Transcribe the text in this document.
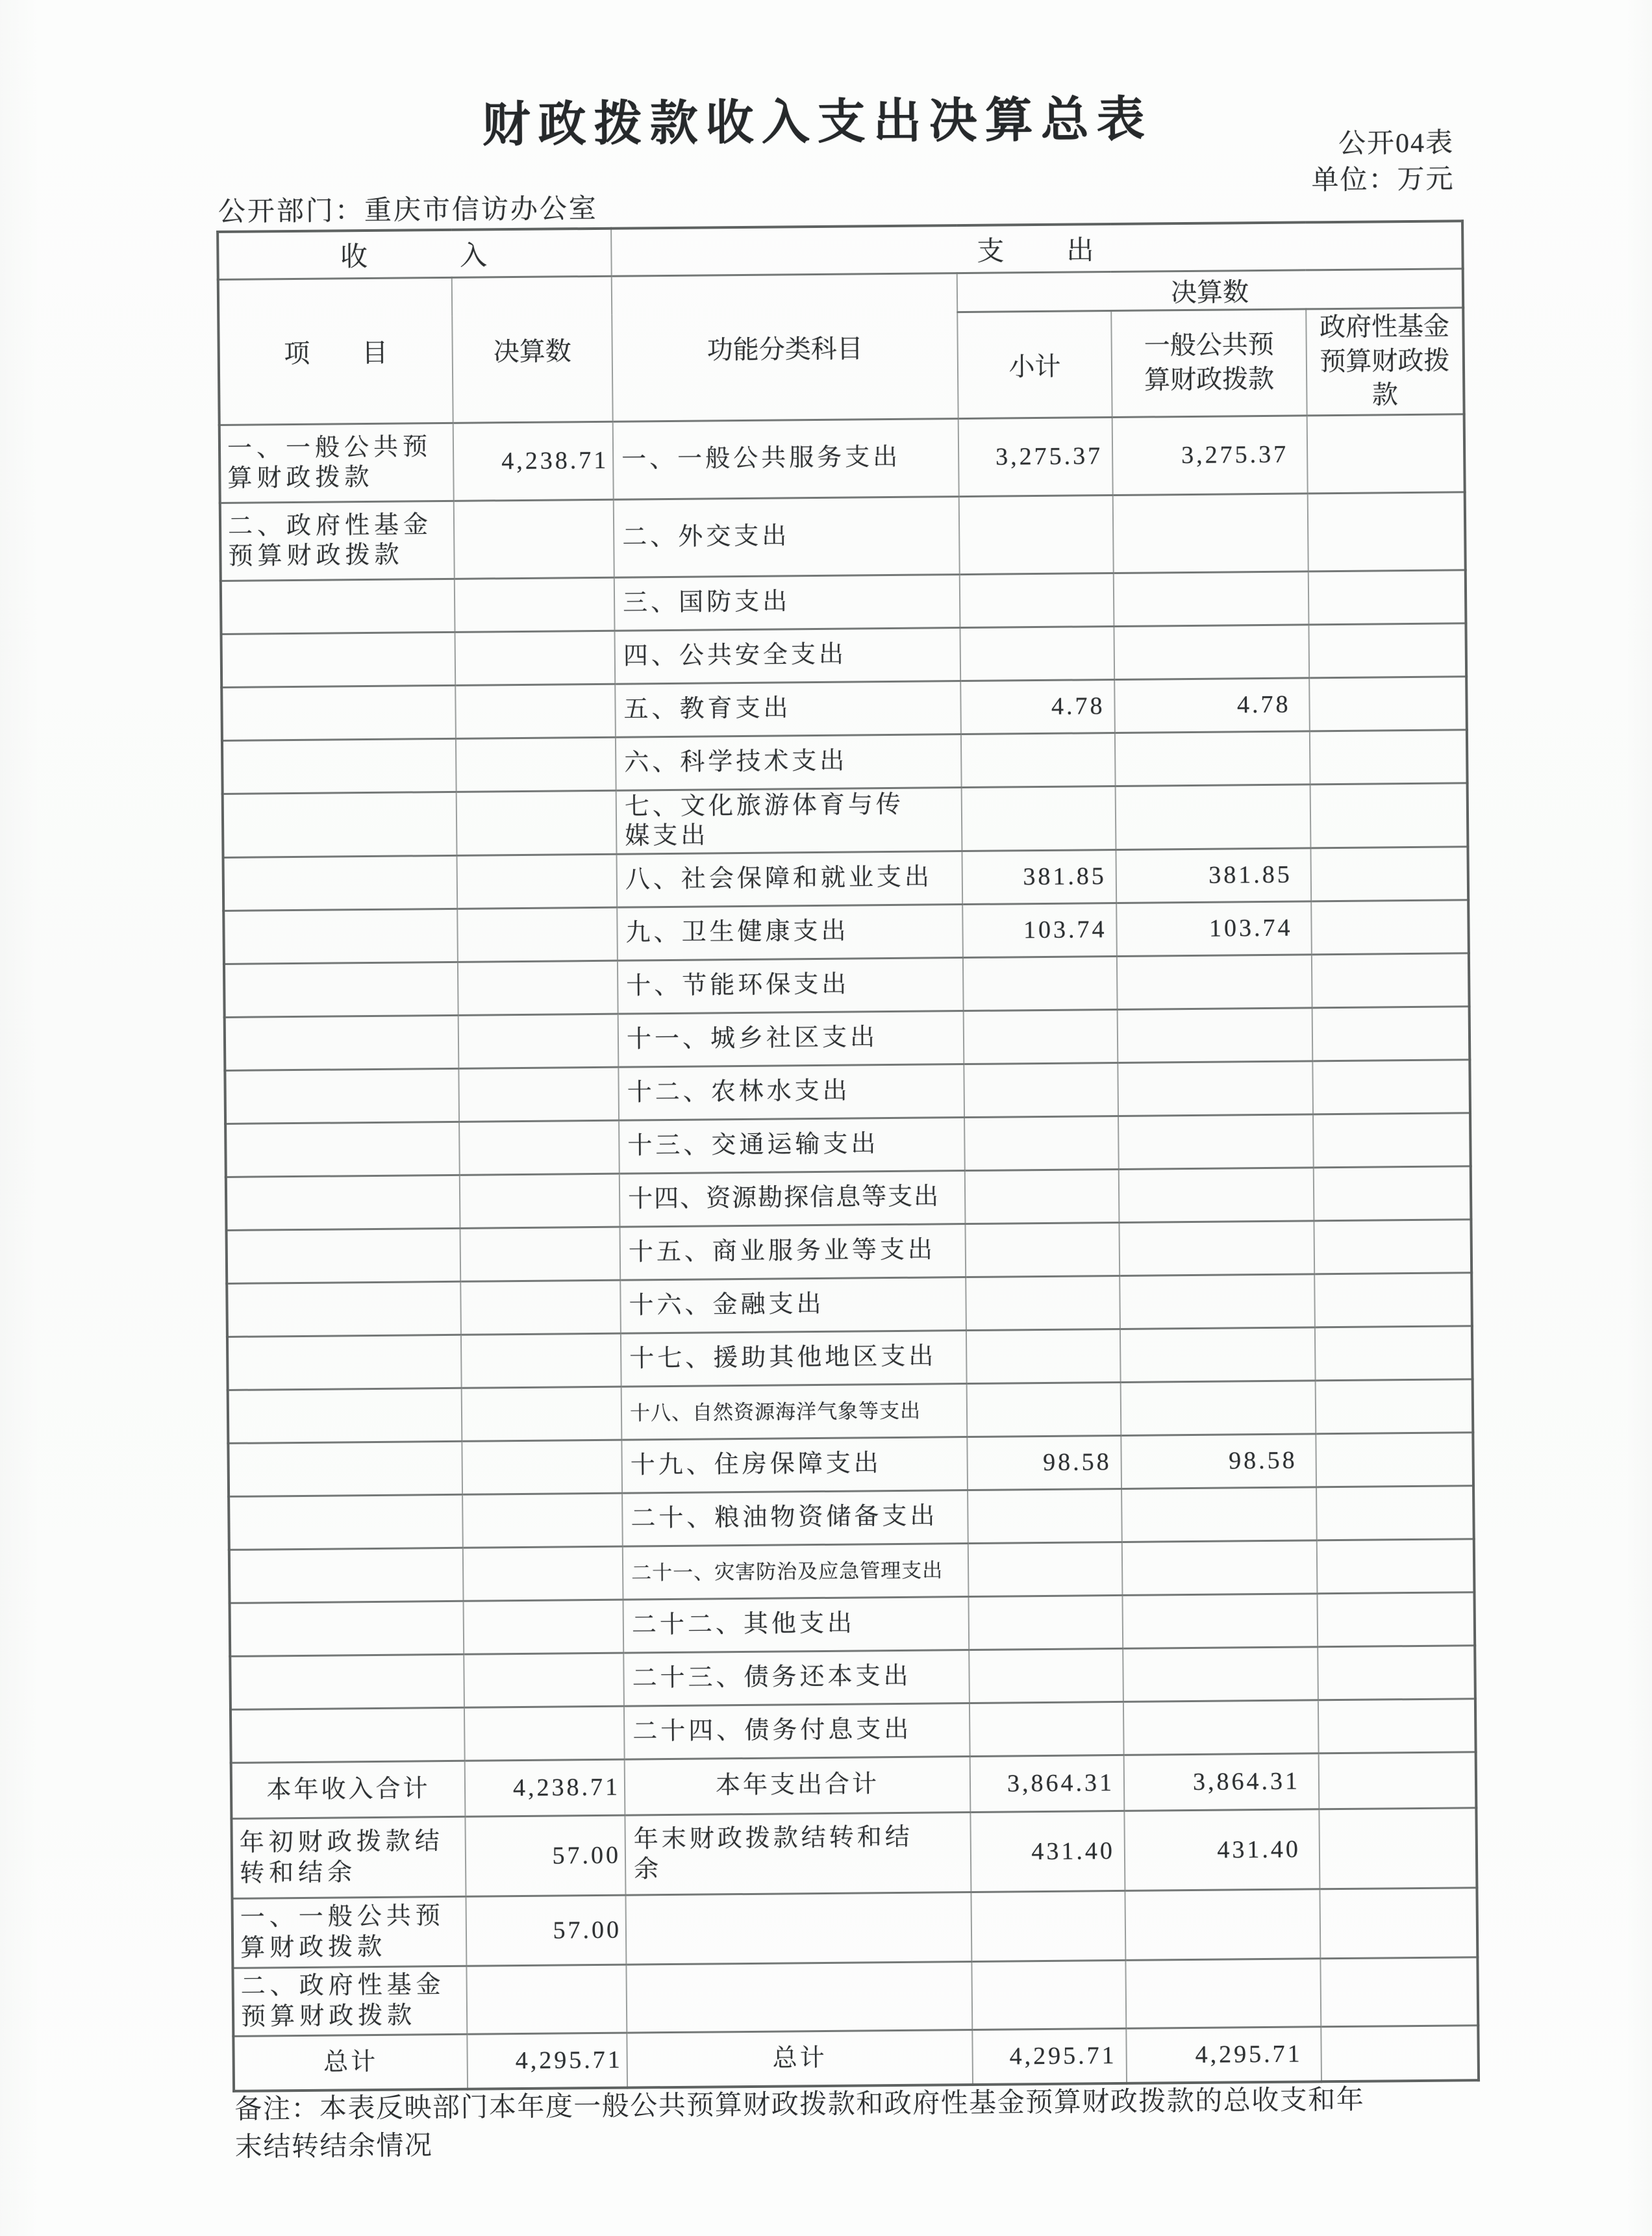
财政拨款收入支出决算总表	公开04表
单位：万元
公开部门：重庆市信访办公室
收　　　入		支　　出			
项　　目	决算数	功能分类科目	决算数		
			小计	一般公共预算财政拨款	政府性基金预算财政拨款
一、一般公共预算财政拨款	4,238.71	一、一般公共服务支出	3,275.37	3,275.37	
二、政府性基金预算财政拨款		二、外交支出			
		三、国防支出			
		四、公共安全支出			
		五、教育支出	4.78	4.78	
		六、科学技术支出			
		七、文化旅游体育与传媒支出			
		八、社会保障和就业支出	381.85	381.85	
		九、卫生健康支出	103.74	103.74	
		十、节能环保支出			
		十一、城乡社区支出			
		十二、农林水支出			
		十三、交通运输支出			
		十四、资源勘探信息等支出			
		十五、商业服务业等支出			
		十六、金融支出			
		十七、援助其他地区支出			
		十八、自然资源海洋气象等支出			
		十九、住房保障支出	98.58	98.58	
		二十、粮油物资储备支出			
		二十一、灾害防治及应急管理支出			
		二十二、其他支出			
		二十三、债务还本支出			
		二十四、债务付息支出			
本年收入合计	4,238.71	本年支出合计	3,864.31	3,864.31	
年初财政拨款结转和结余	57.00	年末财政拨款结转和结余	431.40	431.40	
一、一般公共预算财政拨款	57.00				
二、政府性基金预算财政拨款					
总计	4,295.71	总计	4,295.71	4,295.71	
备注：本表反映部门本年度一般公共预算财政拨款和政府性基金预算财政拨款的总收支和年末结转结余情况
